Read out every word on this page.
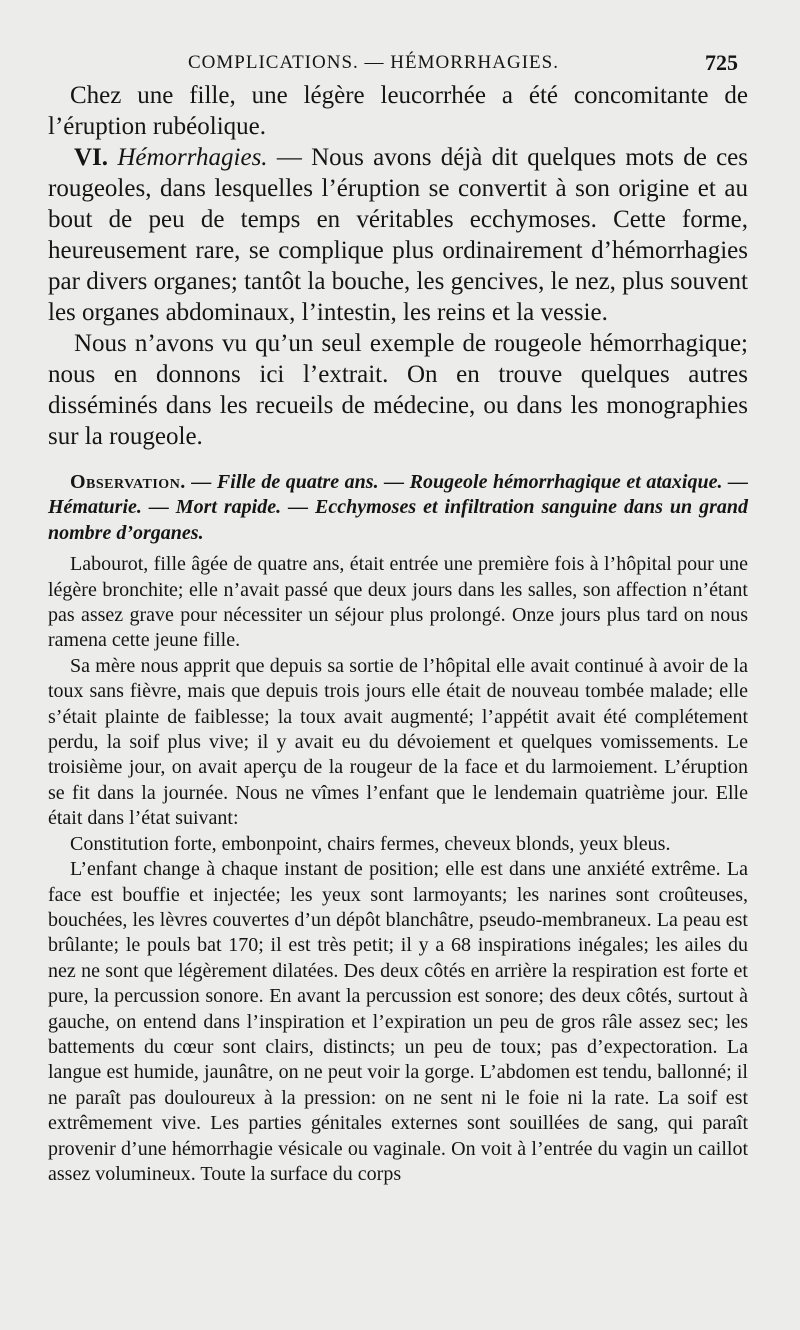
COMPLICATIONS. — HÉMORRHAGIES.	725

Chez une fille, une légère leucorrhée a été concomitante de l’éruption rubéolique.

VI. Hémorrhagies. — Nous avons déjà dit quelques mots de ces rougeoles, dans lesquelles l’éruption se convertit à son origine et au bout de peu de temps en véritables ecchymoses. Cette forme, heureusement rare, se complique plus ordinairement d’hémorrhagies par divers organes; tantôt la bouche, les gencives, le nez, plus souvent les organes abdominaux, l’intestin, les reins et la vessie.

Nous n’avons vu qu’un seul exemple de rougeole hémorrhagique; nous en donnons ici l’extrait. On en trouve quelques autres disséminés dans les recueils de médecine, ou dans les monographies sur la rougeole.

Observation. — Fille de quatre ans. — Rougeole hémorrhagique et ataxique. — Hématurie. — Mort rapide. — Ecchymoses et infiltration sanguine dans un grand nombre d’organes.

Labourot, fille âgée de quatre ans, était entrée une première fois à l’hôpital pour une légère bronchite; elle n’avait passé que deux jours dans les salles, son affection n’étant pas assez grave pour nécessiter un séjour plus prolongé. Onze jours plus tard on nous ramena cette jeune fille.

Sa mère nous apprit que depuis sa sortie de l’hôpital elle avait continué à avoir de la toux sans fièvre, mais que depuis trois jours elle était de nouveau tombée malade; elle s’était plainte de faiblesse; la toux avait augmenté; l’appétit avait été complétement perdu, la soif plus vive; il y avait eu du dévoiement et quelques vomissements. Le troisième jour, on avait aperçu de la rougeur de la face et du larmoiement. L’éruption se fit dans la journée. Nous ne vîmes l’enfant que le lendemain quatrième jour. Elle était dans l’état suivant:

Constitution forte, embonpoint, chairs fermes, cheveux blonds, yeux bleus.

L’enfant change à chaque instant de position; elle est dans une anxiété extrême. La face est bouffie et injectée; les yeux sont larmoyants; les narines sont croûteuses, bouchées, les lèvres couvertes d’un dépôt blanchâtre, pseudo-membraneux. La peau est brûlante; le pouls bat 170; il est très petit; il y a 68 inspirations inégales; les ailes du nez ne sont que légèrement dilatées. Des deux côtés en arrière la respiration est forte et pure, la percussion sonore. En avant la percussion est sonore; des deux côtés, surtout à gauche, on entend dans l’inspiration et l’expiration un peu de gros râle assez sec; les battements du cœur sont clairs, distincts; un peu de toux; pas d’expectoration. La langue est humide, jaunâtre, on ne peut voir la gorge. L’abdomen est tendu, ballonné; il ne paraît pas douloureux à la pression: on ne sent ni le foie ni la rate. La soif est extrêmement vive. Les parties génitales externes sont souillées de sang, qui paraît provenir d’une hémorrhagie vésicale ou vaginale. On voit à l’entrée du vagin un caillot assez volumineux. Toute la surface du corps
